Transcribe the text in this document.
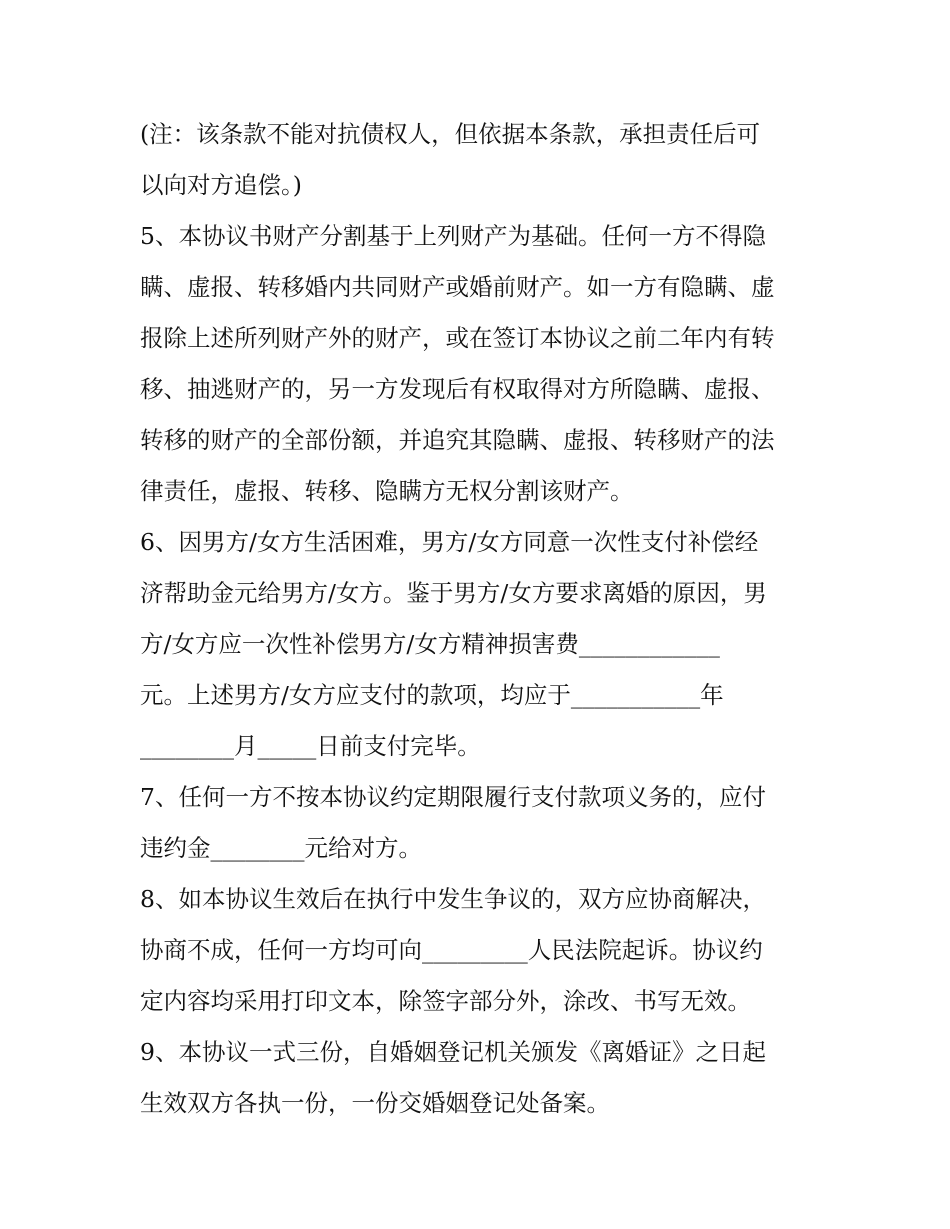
(注：该条款不能对抗债权人，但依据本条款，承担责任后可

以向对方追偿。)

5、本协议书财产分割基于上列财产为基础。任何一方不得隐

瞒、虚报、转移婚内共同财产或婚前财产。如一方有隐瞒、虚

报除上述所列财产外的财产，或在签订本协议之前二年内有转

移、抽逃财产的，另一方发现后有权取得对方所隐瞒、虚报、

转移的财产的全部份额，并追究其隐瞒、虚报、转移财产的法

律责任，虚报、转移、隐瞒方无权分割该财产。

6、因男方/女方生活困难，男方/女方同意一次性支付补偿经

济帮助金元给男方/女方。鉴于男方/女方要求离婚的原因，男

方/女方应一次性补偿男方/女方精神损害费____________

元。上述男方/女方应支付的款项，均应于___________年

________月_____日前支付完毕。

7、任何一方不按本协议约定期限履行支付款项义务的，应付

违约金________元给对方。

8、如本协议生效后在执行中发生争议的，双方应协商解决，

协商不成，任何一方均可向_________人民法院起诉。协议约

定内容均采用打印文本，除签字部分外，涂改、书写无效。

9、本协议一式三份，自婚姻登记机关颁发《离婚证》之日起

生效双方各执一份，一份交婚姻登记处备案。
